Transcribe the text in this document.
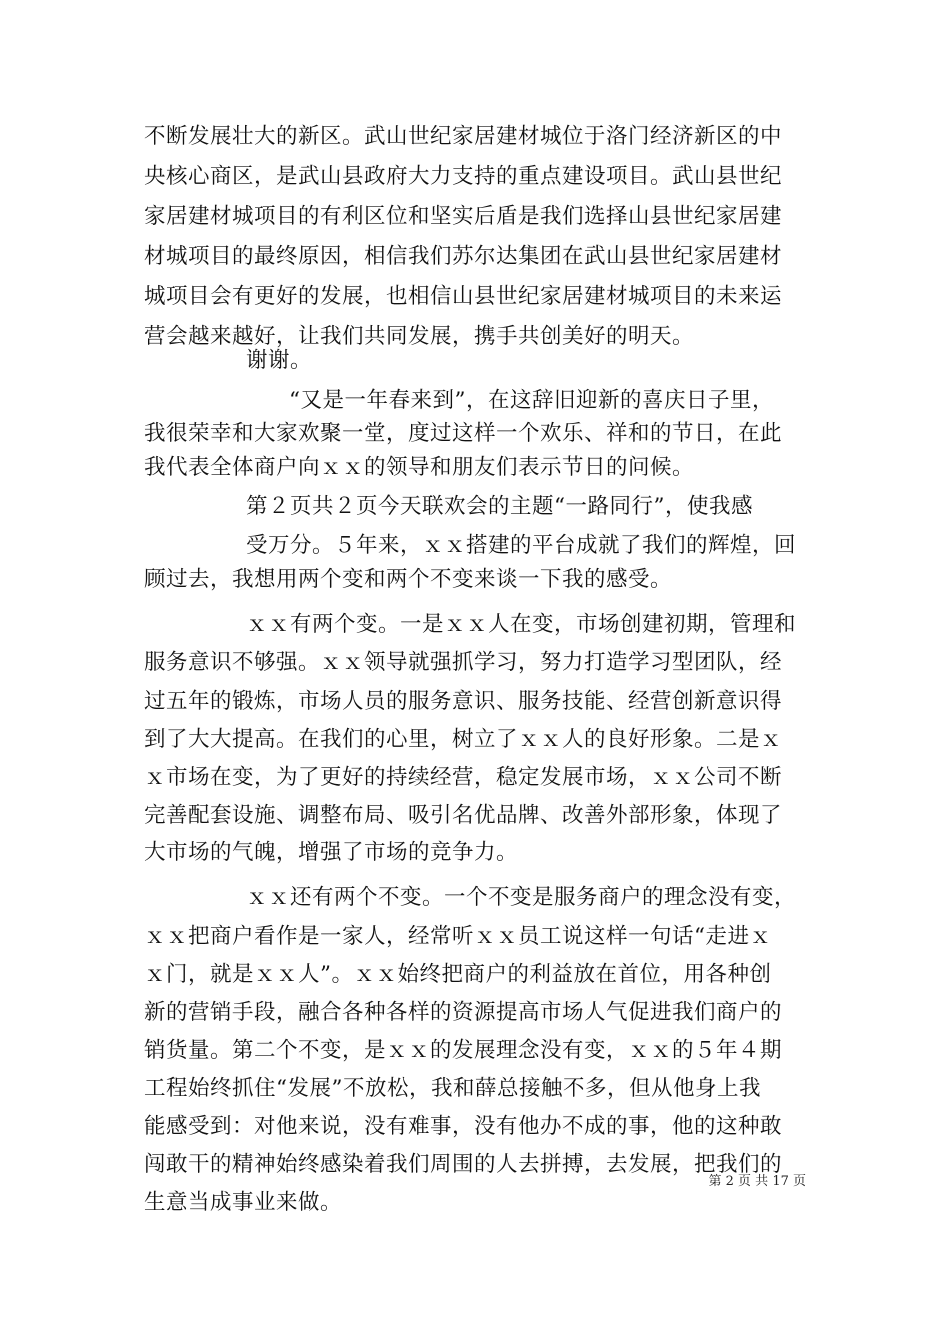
不断发展壮大的新区。武山世纪家居建材城位于洛门经济新区的中
央核心商区，是武山县政府大力支持的重点建设项目。武山县世纪
家居建材城项目的有利区位和坚实后盾是我们选择山县世纪家居建
材城项目的最终原因，相信我们苏尔达集团在武山县世纪家居建材
城项目会有更好的发展，也相信山县世纪家居建材城项目的未来运
营会越来越好，让我们共同发展，携手共创美好的明天。
谢谢。
“又是一年春来到”，在这辞旧迎新的喜庆日子里，
我很荣幸和大家欢聚一堂，度过这样一个欢乐、祥和的节日，在此
我代表全体商户向ｘｘ的领导和朋友们表示节日的问候。
第２页共２页今天联欢会的主题“一路同行”，使我感
受万分。５年来，ｘｘ搭建的平台成就了我们的辉煌，回
顾过去，我想用两个变和两个不变来谈一下我的感受。
ｘｘ有两个变。一是ｘｘ人在变，市场创建初期，管理和
服务意识不够强。ｘｘ领导就强抓学习，努力打造学习型团队，经
过五年的锻炼，市场人员的服务意识、服务技能、经营创新意识得
到了大大提高。在我们的心里，树立了ｘｘ人的良好形象。二是ｘ
ｘ市场在变，为了更好的持续经营，稳定发展市场，ｘｘ公司不断
完善配套设施、调整布局、吸引名优品牌、改善外部形象，体现了
大市场的气魄，增强了市场的竞争力。
ｘｘ还有两个不变。一个不变是服务商户的理念没有变，
ｘｘ把商户看作是一家人，经常听ｘｘ员工说这样一句话“走进ｘ
ｘ门，就是ｘｘ人”。ｘｘ始终把商户的利益放在首位，用各种创
新的营销手段，融合各种各样的资源提高市场人气促进我们商户的
销货量。第二个不变，是ｘｘ的发展理念没有变，ｘｘ的５年４期
工程始终抓住“发展”不放松，我和薛总接触不多，但从他身上我
能感受到：对他来说，没有难事，没有他办不成的事，他的这种敢
闯敢干的精神始终感染着我们周围的人去拼搏，去发展，把我们的
生意当成事业来做。
第 2 页 共 17 页
